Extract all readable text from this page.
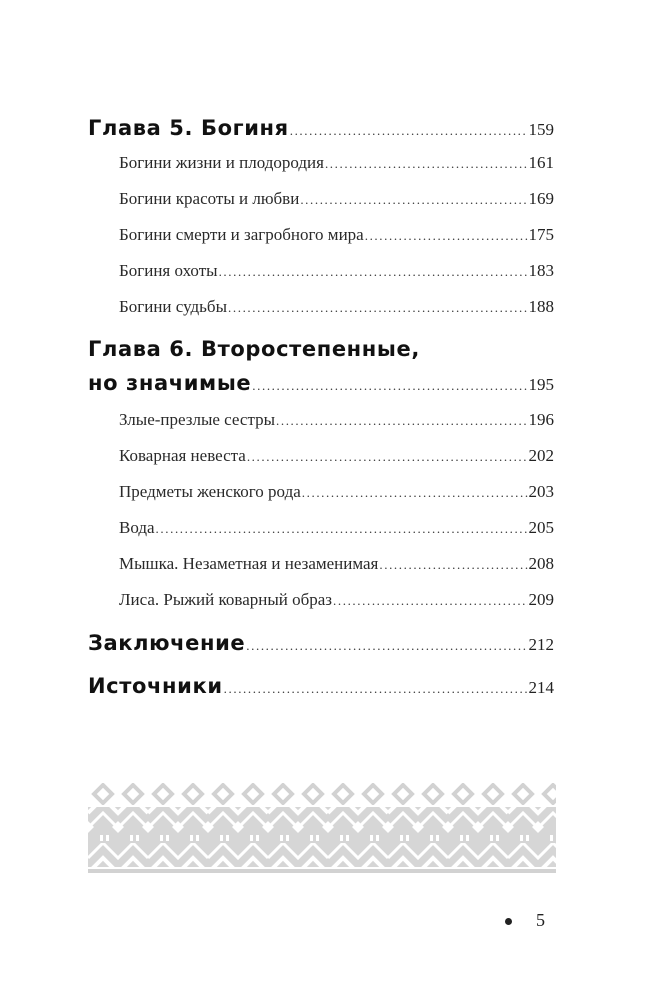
Глава 5. Богиня .....	159
Богини жизни и плодородия .....	161
Богини красоты и любви .....	169
Богини смерти и загробного мира .....	175
Богиня охоты .....	183
Богини судьбы .....	188
Глава 6. Второстепенные,
но значимые .....	195
Злые-презлые сестры .....	196
Коварная невеста .....	202
Предметы женского рода .....	203
Вода .....	205
Мышка. Незаметная и незаменимая .....	208
Лиса. Рыжий коварный образ .....	209
Заключение .....	212
Источники .....	214
5
